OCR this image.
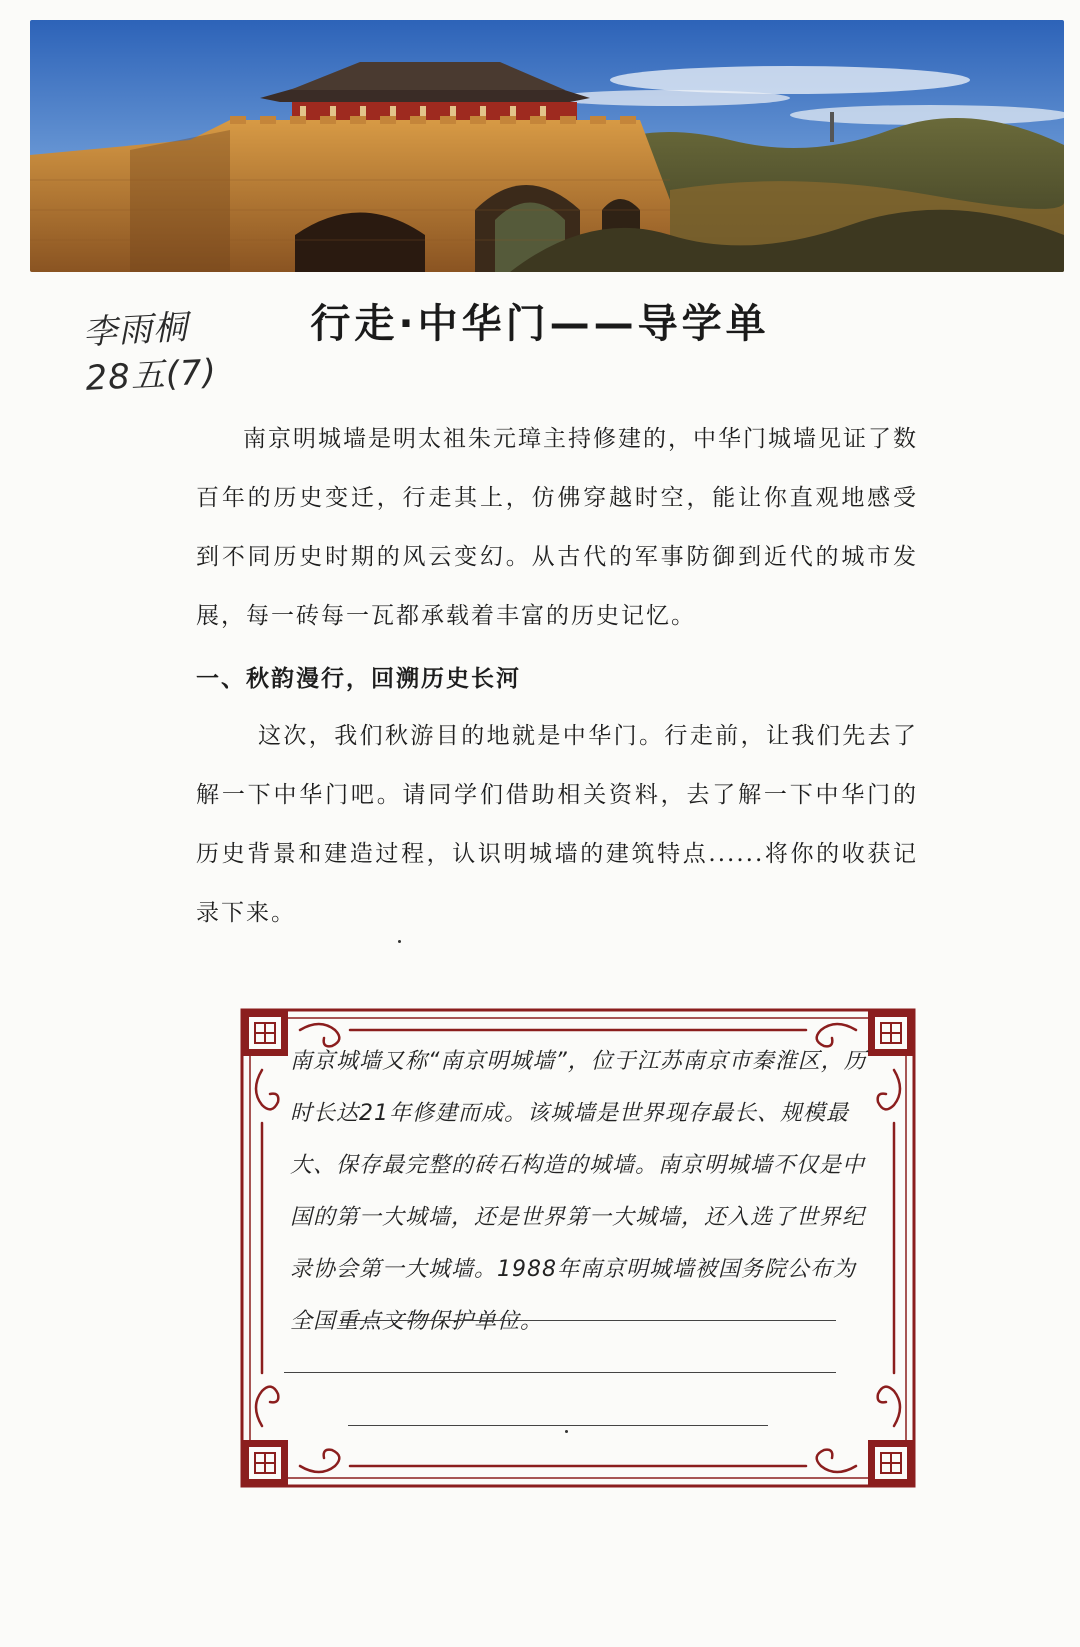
李雨桐
28五(7)
行走·中华门——导学单
南京明城墙是明太祖朱元璋主持修建的，中华门城墙见证了数百年的历史变迁，行走其上，仿佛穿越时空，能让你直观地感受到不同历史时期的风云变幻。从古代的军事防御到近代的城市发展，每一砖每一瓦都承载着丰富的历史记忆。
一、秋韵漫行，回溯历史长河
这次，我们秋游目的地就是中华门。行走前，让我们先去了解一下中华门吧。请同学们借助相关资料，去了解一下中华门的历史背景和建造过程，认识明城墙的建筑特点......将你的收获记录下来。
南京城墙又称“南京明城墙”，位于江苏南京市秦淮区，历时长达21年修建而成。该城墙是世界现存最长、规模最大、保存最完整的砖石构造的城墙。南京明城墙不仅是中国的第一大城墙，还是世界第一大城墙，还入选了世界纪录协会第一大城墙。1988年南京明城墙被国务院公布为全国重点文物保护单位。
